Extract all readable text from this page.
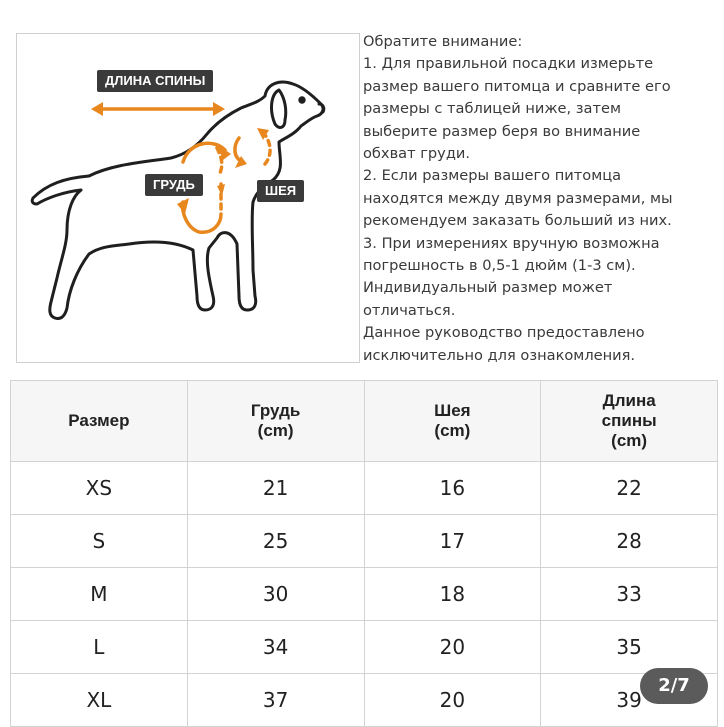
ДЛИНА СПИНЫ
ГРУДЬ	ШЕЯ
Обратите внимание:
1. Для правильной посадки измерьте
размер вашего питомца и сравните его
размеры с таблицей ниже, затем
выберите размер беря во внимание
обхват груди.
2. Если размеры вашего питомца
находятся между двумя размерами, мы
рекомендуем заказать больший из них.
3. При измерениях вручную возможна
погрешность в 0,5-1 дюйм (1-3 см).
Индивидуальный размер может
отличаться.
Данное руководство предоставлено
исключительно для ознакомления.
Размер	Грудь (cm)	Шея (cm)	Длина спины (cm)

XS	21	16	22
S	25	17	28
M	30	18	33
L	34	20	35
XL	37	20	39
2/7
